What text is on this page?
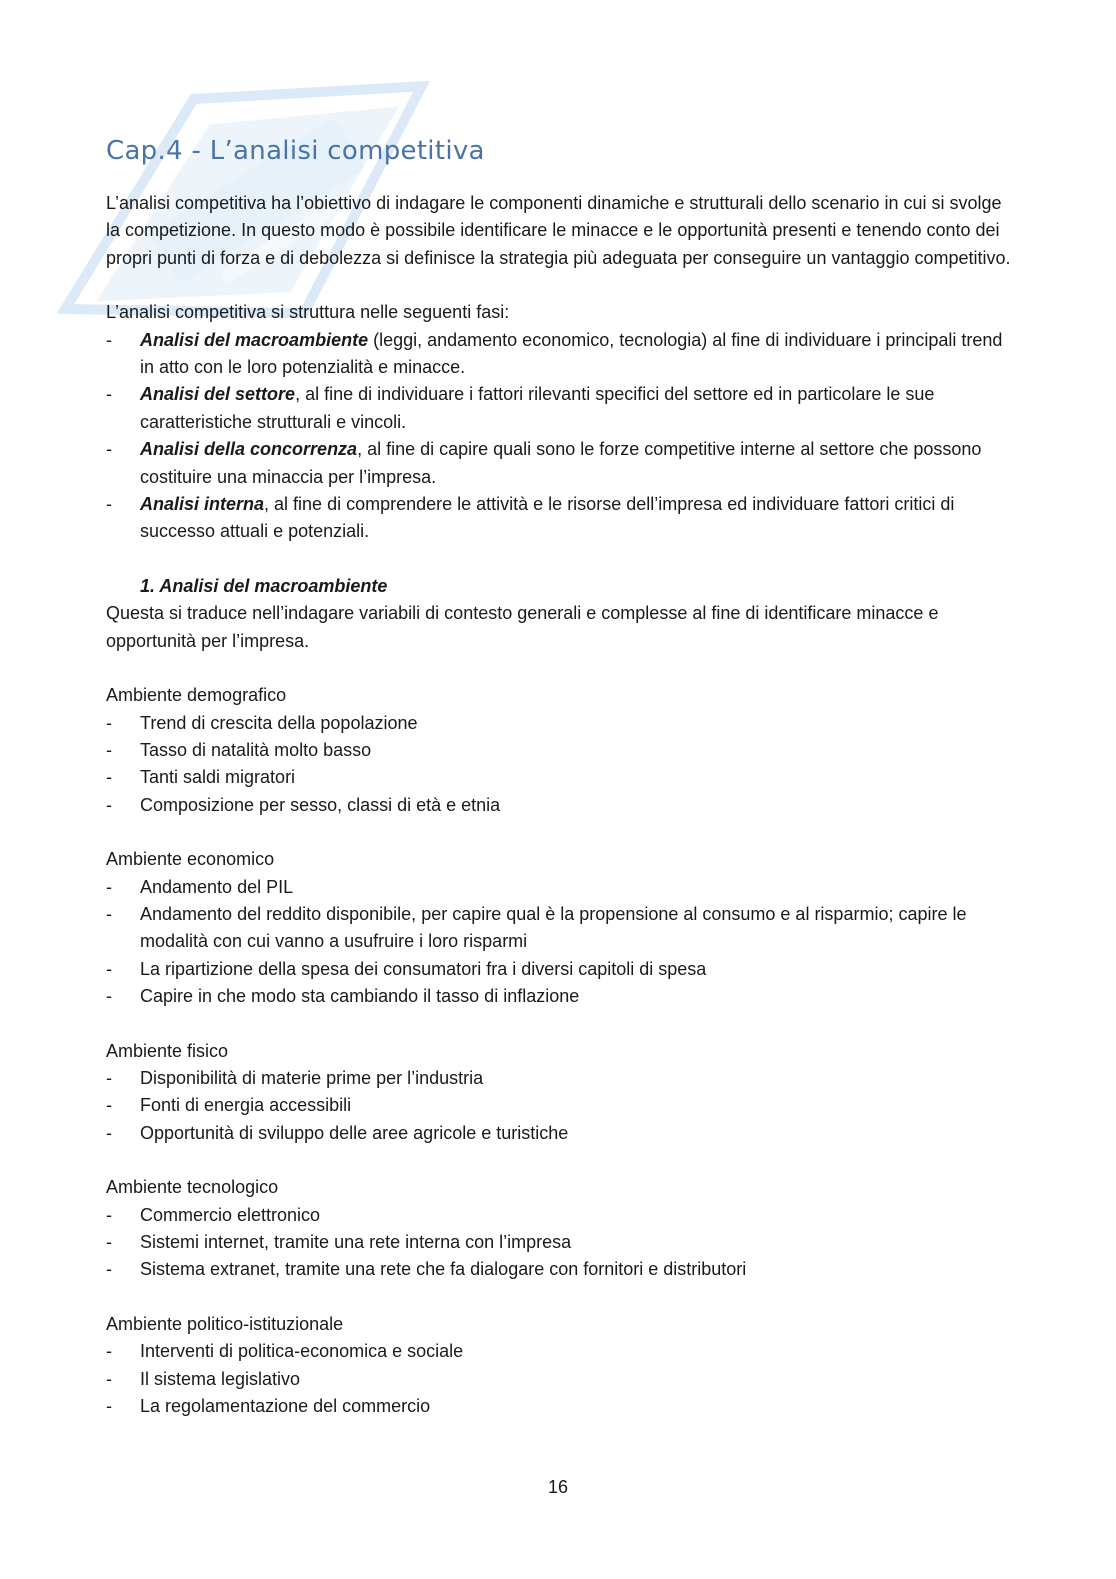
Cap.4 - L’analisi competitiva

L’analisi competitiva ha l’obiettivo di indagare le componenti dinamiche e strutturali dello scenario in cui si svolge la competizione. In questo modo è possibile identificare le minacce e le opportunità presenti e tenendo conto dei propri punti di forza e di debolezza si definisce la strategia più adeguata per conseguire un vantaggio competitivo.

L’analisi competitiva si struttura nelle seguenti fasi:

- Analisi del macroambiente (leggi, andamento economico, tecnologia) al fine di individuare i principali trend in atto con le loro potenzialità e minacce.
- Analisi del settore, al fine di individuare i fattori rilevanti specifici del settore ed in particolare le sue caratteristiche strutturali e vincoli.
- Analisi della concorrenza, al fine di capire quali sono le forze competitive interne al settore che possono costituire una minaccia per l’impresa.
- Analisi interna, al fine di comprendere le attività e le risorse dell’impresa ed individuare fattori critici di successo attuali e potenziali.

1. Analisi del macroambiente

Questa si traduce nell’indagare variabili di contesto generali e complesse al fine di identificare minacce e opportunità per l’impresa.

Ambiente demografico

- Trend di crescita della popolazione
- Tasso di natalità molto basso
- Tanti saldi migratori
- Composizione per sesso, classi di età e etnia

Ambiente economico

- Andamento del PIL
- Andamento del reddito disponibile, per capire qual è la propensione al consumo e al risparmio; capire le modalità con cui vanno a usufruire i loro risparmi
- La ripartizione della spesa dei consumatori fra i diversi capitoli di spesa
- Capire in che modo sta cambiando il tasso di inflazione

Ambiente fisico

- Disponibilità di materie prime per l’industria
- Fonti di energia accessibili
- Opportunità di sviluppo delle aree agricole e turistiche

Ambiente tecnologico

- Commercio elettronico
- Sistemi internet, tramite una rete interna con l’impresa
- Sistema extranet, tramite una rete che fa dialogare con fornitori e distributori

Ambiente politico-istituzionale

- Interventi di politica-economica e sociale
- Il sistema legislativo
- La regolamentazione del commercio
16
